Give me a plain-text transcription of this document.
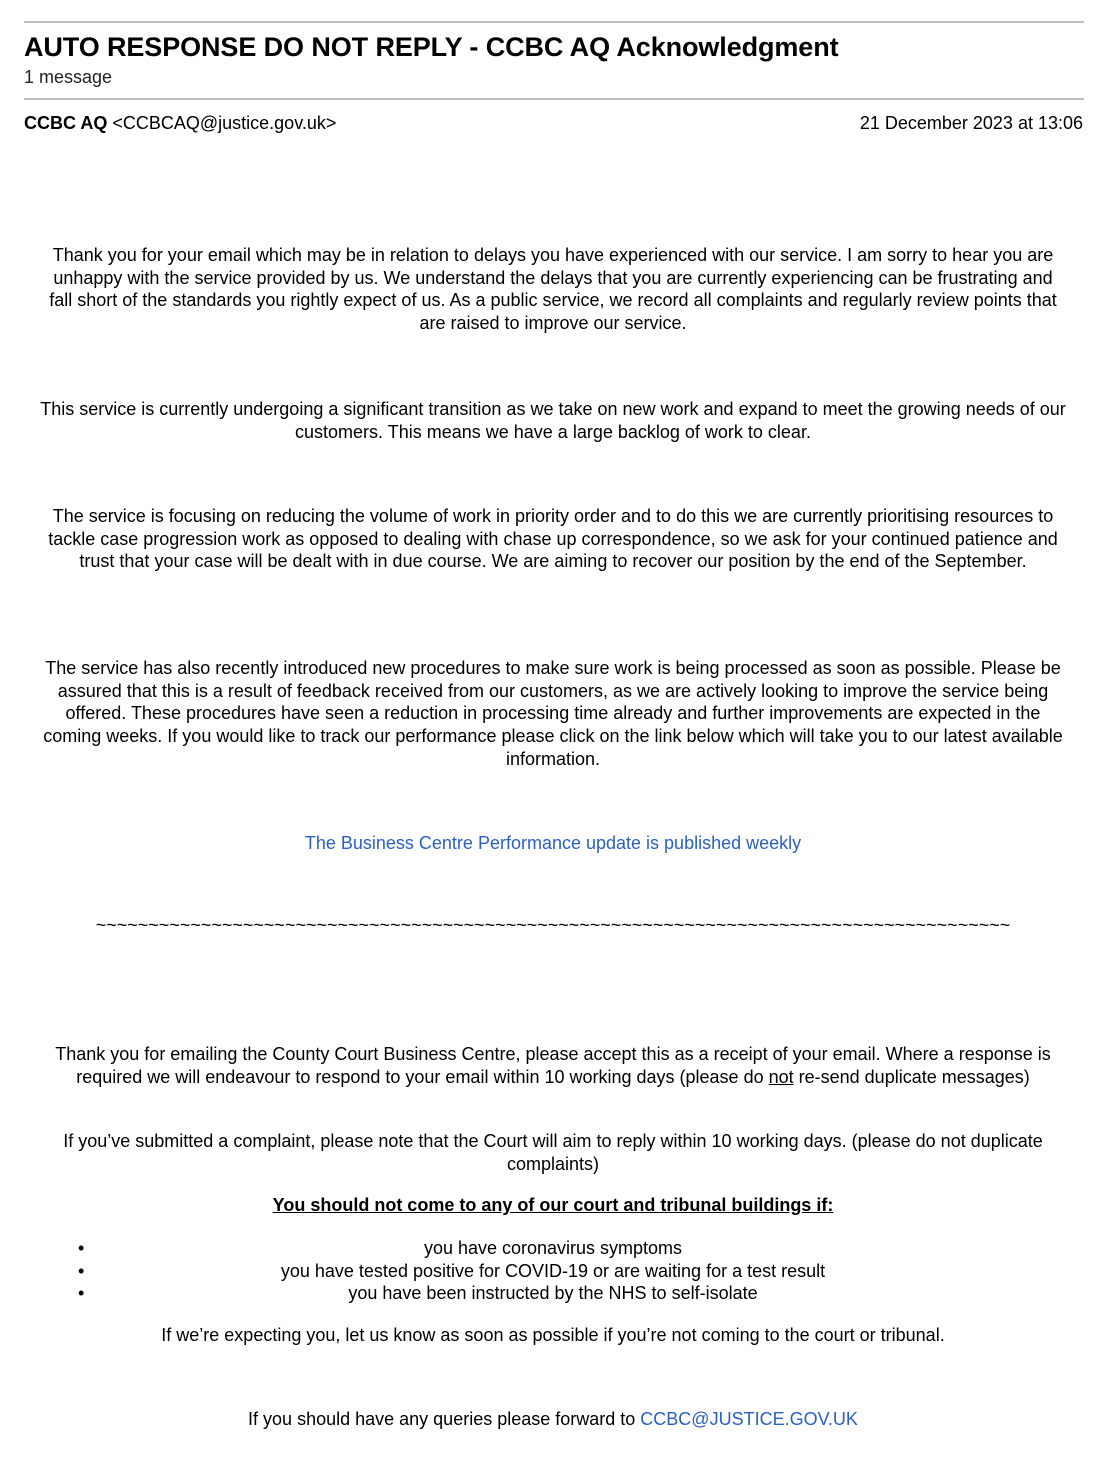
AUTO RESPONSE DO NOT REPLY - CCBC AQ Acknowledgment
1 message
CCBC AQ <CCBCAQ@justice.gov.uk>	21 December 2023 at 13:06

Thank you for your email which may be in relation to delays you have experienced with our service. I am sorry to hear you are unhappy with the service provided by us. We understand the delays that you are currently experiencing can be frustrating and fall short of the standards you rightly expect of us. As a public service, we record all complaints and regularly review points that are raised to improve our service.

This service is currently undergoing a significant transition as we take on new work and expand to meet the growing needs of our customers. This means we have a large backlog of work to clear.

The service is focusing on reducing the volume of work in priority order and to do this we are currently prioritising resources to tackle case progression work as opposed to dealing with chase up correspondence, so we ask for your continued patience and trust that your case will be dealt with in due course. We are aiming to recover our position by the end of the September.

The service has also recently introduced new procedures to make sure work is being processed as soon as possible. Please be assured that this is a result of feedback received from our customers, as we are actively looking to improve the service being offered. These procedures have seen a reduction in processing time already and further improvements are expected in the coming weeks. If you would like to track our performance please click on the link below which will take you to our latest available information.

The Business Centre Performance update is published weekly
~~~~~~~~~~~~~~~~~~~~~~~~~~~~~~~~~~~~~~~~~~~~~~~~~~~~~~~~~~~~~~~~~~~~~~~~~~~~~~~~~~~~~~~

Thank you for emailing the County Court Business Centre, please accept this as a receipt of your email. Where a response is required we will endeavour to respond to your email within 10 working days (please do not re-send duplicate messages)

If you’ve submitted a complaint, please note that the Court will aim to reply within 10 working days. (please do not duplicate complaints)

You should not come to any of our court and tribunal buildings if:
•	you have coronavirus symptoms
•	you have tested positive for COVID-19 or are waiting for a test result
•	you have been instructed by the NHS to self-isolate

If we’re expecting you, let us know as soon as possible if you’re not coming to the court or tribunal.

If you should have any queries please forward to CCBC@JUSTICE.GOV.UK
